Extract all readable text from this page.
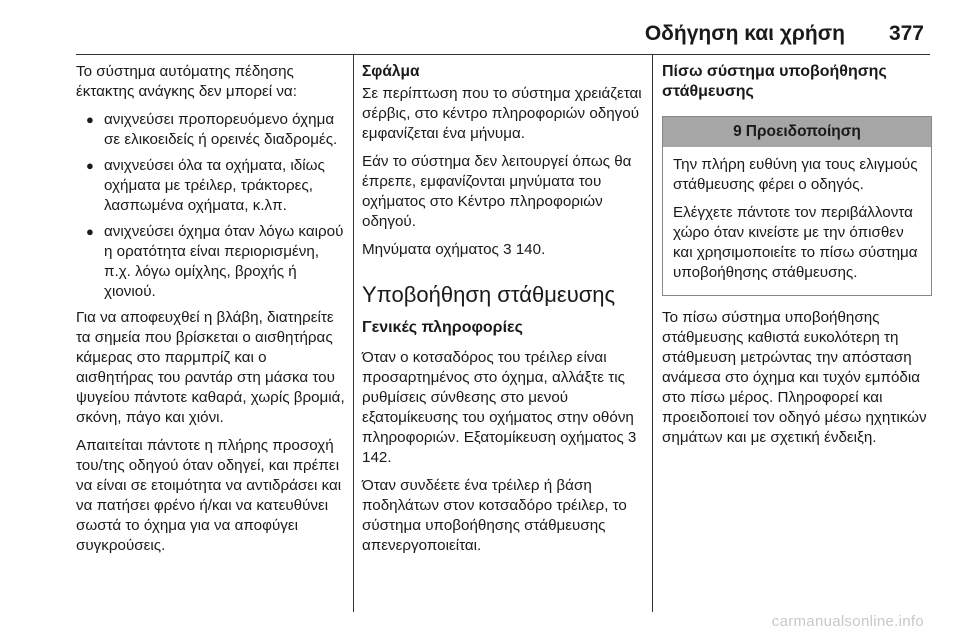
Οδήγηση και χρήση 377

Το σύστημα αυτόματης πέδησης έκτακτης ανάγκης δεν μπορεί να:

● ανιχνεύσει προπορευόμενο όχημα σε ελικοειδείς ή ορεινές διαδρομές.
● ανιχνεύσει όλα τα οχήματα, ιδίως οχήματα με τρέιλερ, τράκτορες, λασπωμένα οχήματα, κ.λπ.
● ανιχνεύσει όχημα όταν λόγω καιρού η ορατότητα είναι περιορισμένη, π.χ. λόγω ομίχλης, βροχής ή χιονιού.

Για να αποφευχθεί η βλάβη, διατηρείτε τα σημεία που βρίσκεται ο αισθητήρας κάμερας στο παρμπρίζ και ο αισθητήρας του ραντάρ στη μάσκα του ψυγείου πάντοτε καθαρά, χωρίς βρομιά, σκόνη, πάγο και χιόνι.

Απαιτείται πάντοτε η πλήρης προσοχή του/της οδηγού όταν οδηγεί, και πρέπει να είναι σε ετοιμότητα να αντιδράσει και να πατήσει φρένο ή/και να κατευθύνει σωστά το όχημα για να αποφύγει συγκρούσεις.

Σφάλμα

Σε περίπτωση που το σύστημα χρειάζεται σέρβις, στο κέντρο πληροφοριών οδηγού εμφανίζεται ένα μήνυμα.

Εάν το σύστημα δεν λειτουργεί όπως θα έπρεπε, εμφανίζονται μηνύματα του οχήματος στο Κέντρο πληροφοριών οδηγού.

Μηνύματα οχήματος 3 140.

Υποβοήθηση στάθμευσης
Γενικές πληροφορίες

Όταν ο κοτσαδόρος του τρέιλερ είναι προσαρτημένος στο όχημα, αλλάξτε τις ρυθμίσεις σύνθεσης στο μενού εξατομίκευσης του οχήματος στην οθόνη πληροφοριών. Εξατομίκευση οχήματος 3 142.

Όταν συνδέετε ένα τρέιλερ ή βάση ποδηλάτων στον κοτσαδόρο τρέιλερ, το σύστημα υποβοήθησης στάθμευσης απενεργοποιείται.

Πίσω σύστημα υποβοήθησης στάθμευσης
9 Προειδοποίηση

Την πλήρη ευθύνη για τους ελιγμούς στάθμευσης φέρει ο οδηγός.

Ελέγχετε πάντοτε τον περιβάλλοντα χώρο όταν κινείστε με την όπισθεν και χρησιμοποιείτε το πίσω σύστημα υποβοήθησης στάθμευσης.

Το πίσω σύστημα υποβοήθησης στάθμευσης καθιστά ευκολότερη τη στάθμευση μετρώντας την απόσταση ανάμεσα στο όχημα και τυχόν εμπόδια στο πίσω μέρος. Πληροφορεί και προειδοποιεί τον οδηγό μέσω ηχητικών σημάτων και με σχετική ένδειξη.

carmanualsonline.info
